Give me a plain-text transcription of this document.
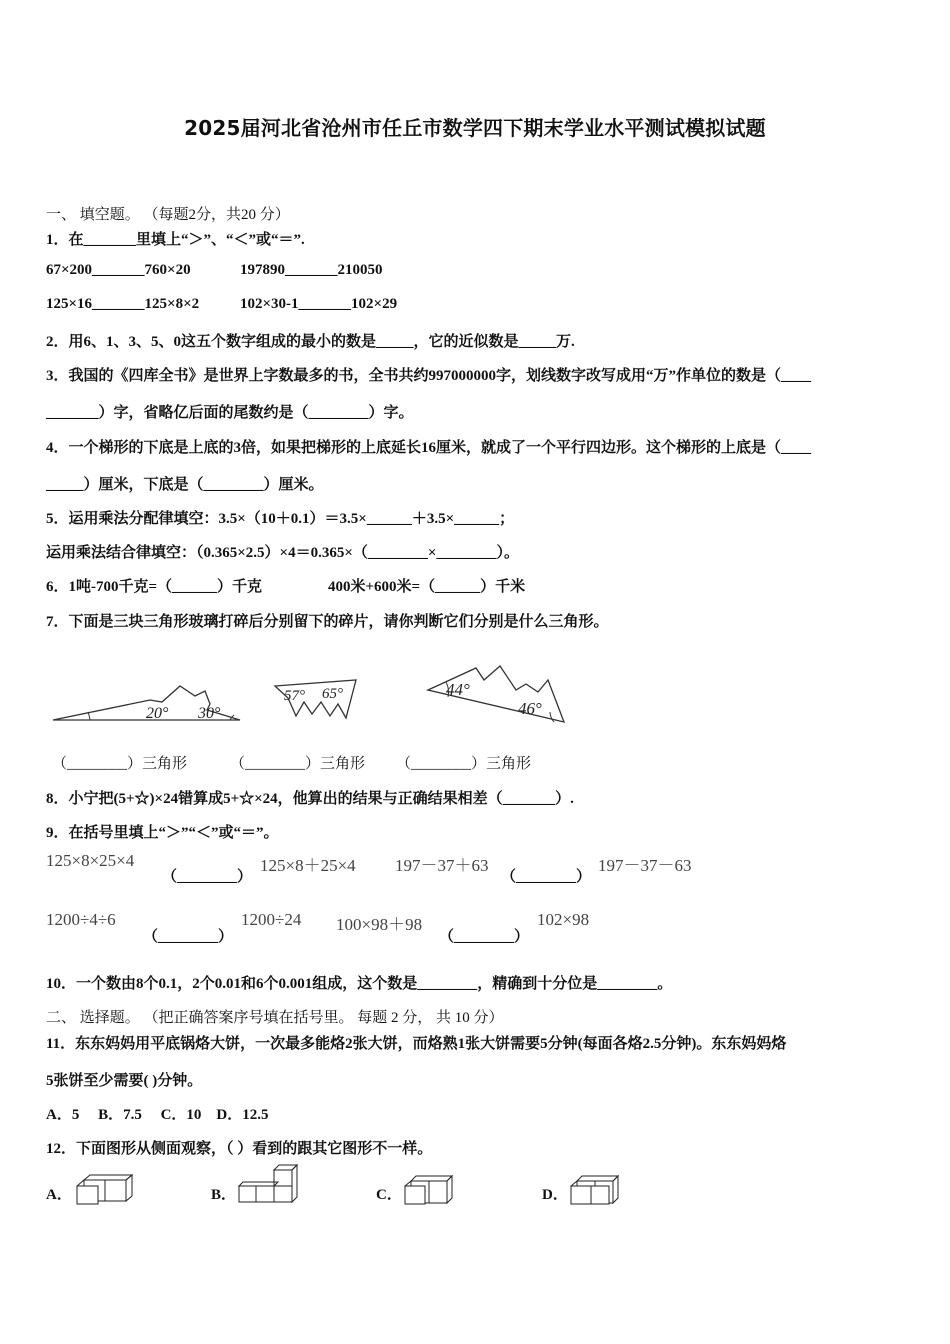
2025届河北省沧州市任丘市数学四下期末学业水平测试模拟试题
一、 填空题。 （每题2分，共20 分）
1．在_______里填上“＞”、“＜”或“＝”.
67×200_______760×20	197890_______210050
125×16_______125×8×2	102×30-1_______102×29
2．用6、1、3、5、0这五个数字组成的最小的数是_____，它的近似数是_____万.
3．我国的《四库全书》是世界上字数最多的书，全书共约997000000字，划线数字改写成用“万”作单位的数是（____
_______）字，省略亿后面的尾数约是（________）字。
4．一个梯形的下底是上底的3倍，如果把梯形的上底延长16厘米，就成了一个平行四边形。这个梯形的上底是（____
_____）厘米，下底是（________）厘米。
5．运用乘法分配律填空：3.5×（10＋0.1）＝3.5×______＋3.5×______；
运用乘法结合律填空：（0.365×2.5）×4＝0.365×（________×________）。
6．1吨-700千克=（______）千克	400米+600米=（______）千米
7．下面是三块三角形玻璃打碎后分别留下的碎片，请你判断它们分别是什么三角形。
20° 30°
57° 65°	44°
46°
（________）三角形	（________）三角形 （________）三角形
8．小宁把(5+☆)×24错算成5+☆×24，他算出的结果与正确结果相差（_______）.
9．在括号里填上“＞”“＜”或“＝”。
125×8×25×4
（________）
125×8＋25×4 197－37＋63
（________）
197－37－63
1200÷4÷6
（________）
1200÷24 100×98＋98
（________）
102×98
10．一个数由8个0.1，2个0.01和6个0.001组成，这个数是________，精确到十分位是________。
二、 选择题。 （把正确答案序号填在括号里。 每题 2 分， 共 10 分）
11．东东妈妈用平底锅烙大饼，一次最多能烙2张大饼，而烙熟1张大饼需要5分钟(每面各烙2.5分钟)。东东妈妈烙
5张饼至少需要( )分钟。
A．5     B．7.5     C．10    D．12.5
12．下面图形从侧面观察，（ ）看到的跟其它图形不一样。
A．	B．	C．	D．
